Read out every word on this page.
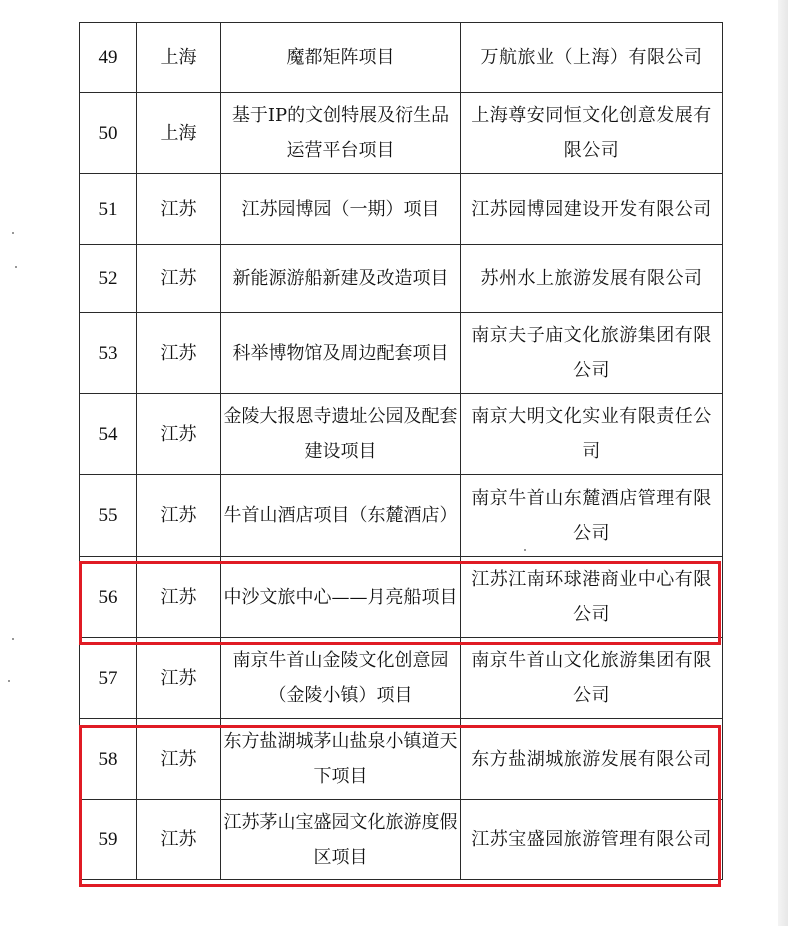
49	上海	魔都矩阵项目	万航旅业（上海）有限公司
50	上海	基于IP的文创特展及衍生品运营平台项目	上海尊安同恒文化创意发展有限公司
51	江苏	江苏园博园（一期）项目	江苏园博园建设开发有限公司
52	江苏	新能源游船新建及改造项目	苏州水上旅游发展有限公司
53	江苏	科举博物馆及周边配套项目	南京夫子庙文化旅游集团有限公司
54	江苏	金陵大报恩寺遗址公园及配套建设项目	南京大明文化实业有限责任公司
55	江苏	牛首山酒店项目（东麓酒店）	南京牛首山东麓酒店管理有限公司
56	江苏	中沙文旅中心——月亮船项目	江苏江南环球港商业中心有限公司
57	江苏	南京牛首山金陵文化创意园（金陵小镇）项目	南京牛首山文化旅游集团有限公司
58	江苏	东方盐湖城茅山盐泉小镇道天下项目	东方盐湖城旅游发展有限公司
59	江苏	江苏茅山宝盛园文化旅游度假区项目	江苏宝盛园旅游管理有限公司
